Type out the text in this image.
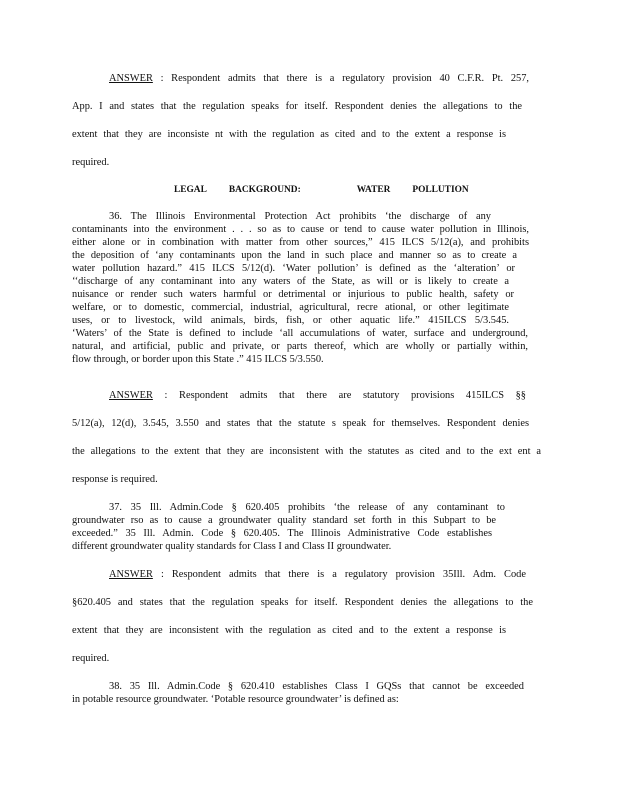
ANSWER : Respondent admits that there is a regulatory provision 40 C.F.R. Pt. 257,
App. I and states that the regulation speaks for itself. Respondent denies the allegations to the
extent that they are inconsiste nt with the regulation as cited and to the extent a response is
required.
LEGAL BACKGROUND:	WATER POLLUTION
36. The Illinois Environmental Protection Act prohibits ‘the discharge of any
contaminants into the environment . . . so as to cause or tend to cause water pollution in Illinois,
either alone or in combination with matter from other sources,” 415 ILCS 5/12(a), and prohibits
the deposition of ‘any contaminants upon the land in such place and manner so as to create a
water pollution hazard.” 415 ILCS 5/12(d). ‘Water pollution’ is defined as the ‘alteration’ or
‘‘discharge of any contaminant into any waters of the State, as will or is likely to create a
nuisance or render such waters harmful or detrimental or injurious to public health, safety or
welfare, or to domestic, commercial, industrial, agricultural, recre ational, or other legitimate
uses, or to livestock, wild animals, birds, fish, or other aquatic life.” 415ILCS 5/3.545.
‘Waters’ of the State is defined to include ‘all accumulations of water, surface and underground,
natural, and artificial, public and private, or parts thereof, which are wholly or partially within,
flow through, or border upon this State .” 415 ILCS 5/3.550.
ANSWER : Respondent admits that there are statutory provisions 415ILCS §§
5/12(a), 12(d), 3.545, 3.550 and states that the statute s speak for themselves. Respondent denies
the allegations to the extent that they are inconsistent with the statutes as cited and to the ext ent a
response is required.
37. 35 Ill. Admin.Code § 620.405 prohibits ‘the release of any contaminant to
groundwater rso as to cause a groundwater quality standard set forth in this Subpart to be
exceeded.” 35 Ill. Admin. Code § 620.405. The Illinois Administrative Code establishes
different groundwater quality standards for Class I and Class II groundwater.
ANSWER : Respondent admits that there is a regulatory provision 35Ill. Adm. Code
§620.405 and states that the regulation speaks for itself. Respondent denies the allegations to the
extent that they are inconsistent with the regulation as cited and to the extent a response is
required.
38. 35 Ill. Admin.Code § 620.410 establishes Class I GQSs that cannot be exceeded
in potable resource groundwater. ‘Potable resource groundwater’ is defined as:
